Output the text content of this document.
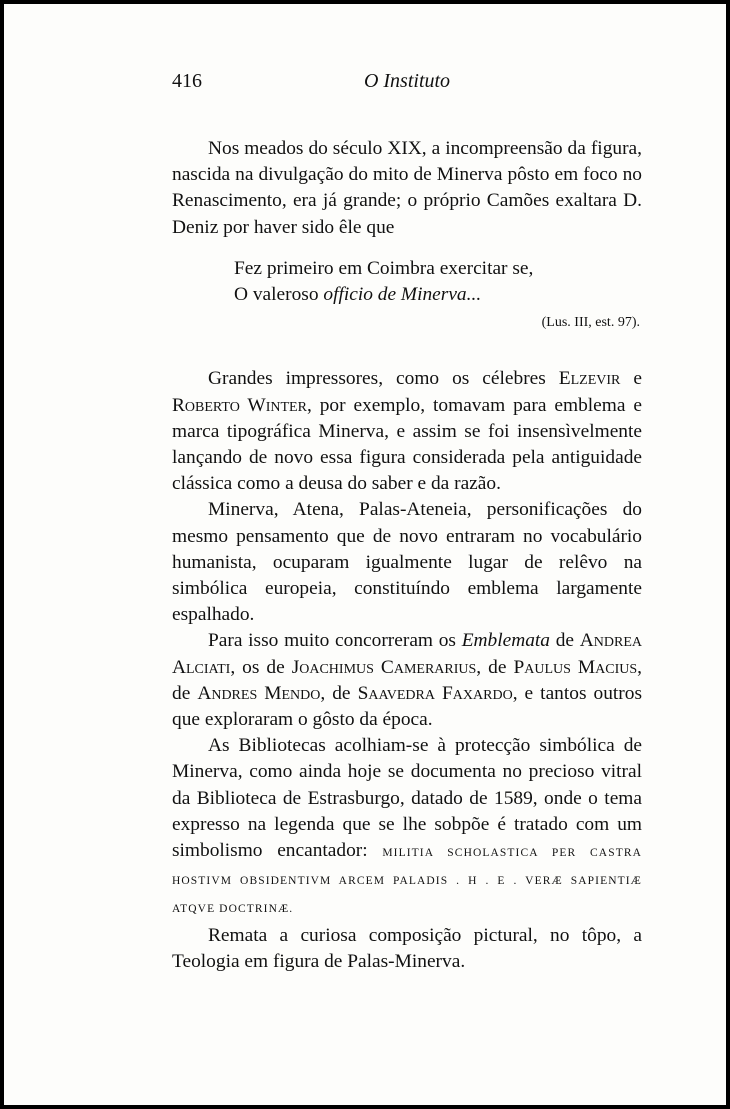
416	O Instituto

Nos meados do século XIX, a incompreensão da figura, nascida na divulgação do mito de Minerva pôsto em foco no Renascimento, era já grande; o próprio Camões exaltara D. Deniz por haver sido êle que

Fez primeiro em Coimbra exercitar se,
O valeroso officio de Minerva...
(Lus. III, est. 97).

Grandes impressores, como os célebres Elzevir e Roberto Winter, por exemplo, tomavam para emblema e marca tipográfica Minerva, e assim se foi insensìvelmente lançando de novo essa figura considerada pela antiguidade clássica como a deusa do saber e da razão.

Minerva, Atena, Palas-Ateneia, personificações do mesmo pensamento que de novo entraram no vocabulário humanista, ocuparam igualmente lugar de relêvo na simbólica europeia, constituíndo emblema largamente espalhado.

Para isso muito concorreram os Emblemata de Andrea Alciati, os de Joachimus Camerarius, de Paulus Macius, de Andres Mendo, de Saavedra Faxardo, e tantos outros que exploraram o gôsto da época.

As Bibliotecas acolhiam-se à protecção simbólica de Minerva, como ainda hoje se documenta no precioso vitral da Biblioteca de Estrasburgo, datado de 1589, onde o tema expresso na legenda que se lhe sobpõe é tratado com um simbolismo encantador: MILITIA SCHOLASTICA PER CASTRA HOSTIVM OBSIDENTIVM ARCEM PALADIS . H . E . VERÆ SAPIENTIÆ ATQVE DOCTRINÆ.

Remata a curiosa composição pictural, no tôpo, a Teologia em figura de Palas-Minerva.
